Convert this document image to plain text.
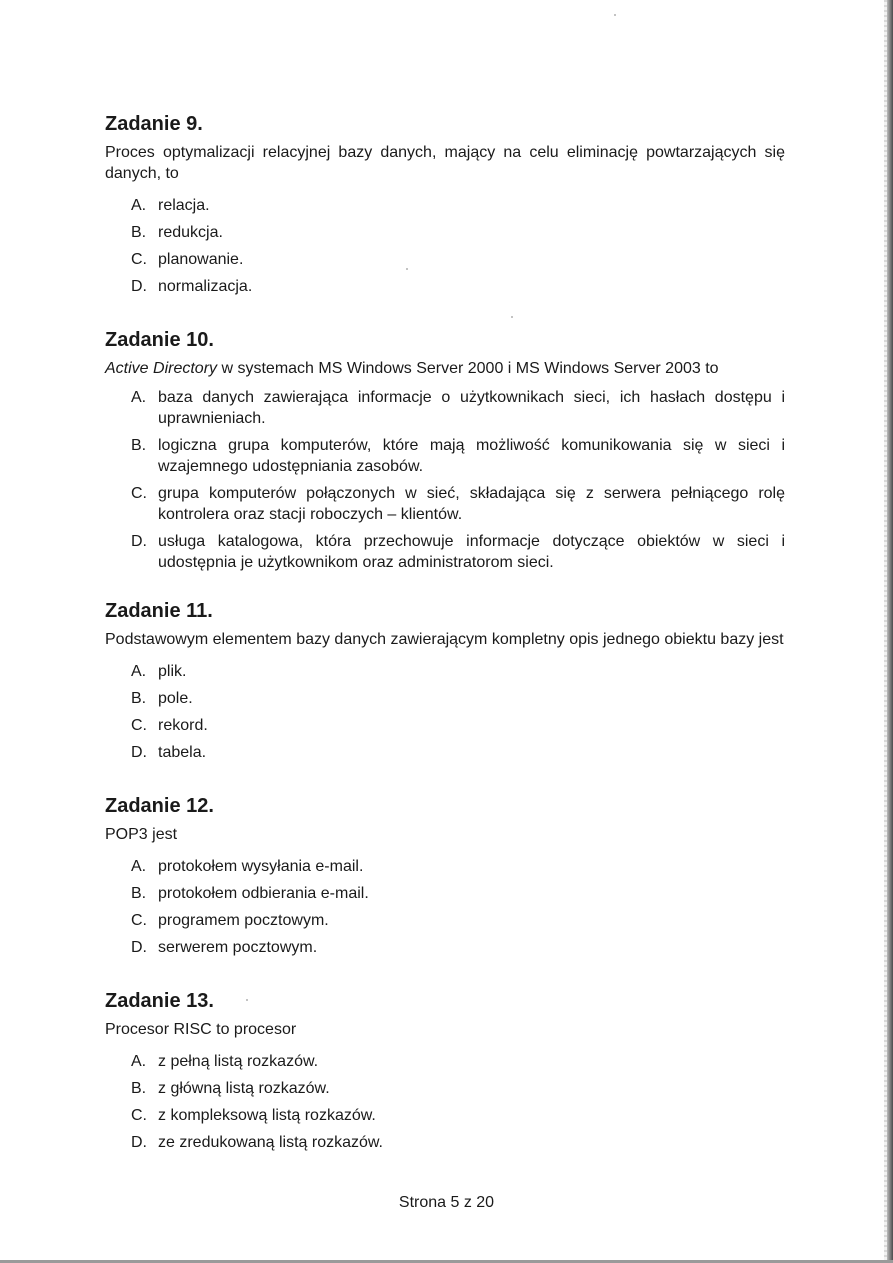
Zadanie 9.

Proces optymalizacji relacyjnej bazy danych, mający na celu eliminację powtarzających się danych, to

A. relacja.
B. redukcja.
C. planowanie.
D. normalizacja.
Zadanie 10.

Active Directory w systemach MS Windows Server 2000 i MS Windows Server 2003 to

A. baza danych zawierająca informacje o użytkownikach sieci, ich hasłach dostępu i uprawnieniach.
B. logiczna grupa komputerów, które mają możliwość komunikowania się w sieci i wzajemnego udostępniania zasobów.
C. grupa komputerów połączonych w sieć, składająca się z serwera pełniącego rolę kontrolera oraz stacji roboczych – klientów.
D. usługa katalogowa, która przechowuje informacje dotyczące obiektów w sieci i udostępnia je użytkownikom oraz administratorom sieci.
Zadanie 11.

Podstawowym elementem bazy danych zawierającym kompletny opis jednego obiektu bazy jest

A. plik.
B. pole.
C. rekord.
D. tabela.
Zadanie 12.

POP3 jest

A. protokołem wysyłania e-mail.
B. protokołem odbierania e-mail.
C. programem pocztowym.
D. serwerem pocztowym.
Zadanie 13.

Procesor RISC to procesor

A. z pełną listą rozkazów.
B. z główną listą rozkazów.
C. z kompleksową listą rozkazów.
D. ze zredukowaną listą rozkazów.
Strona 5 z 20
